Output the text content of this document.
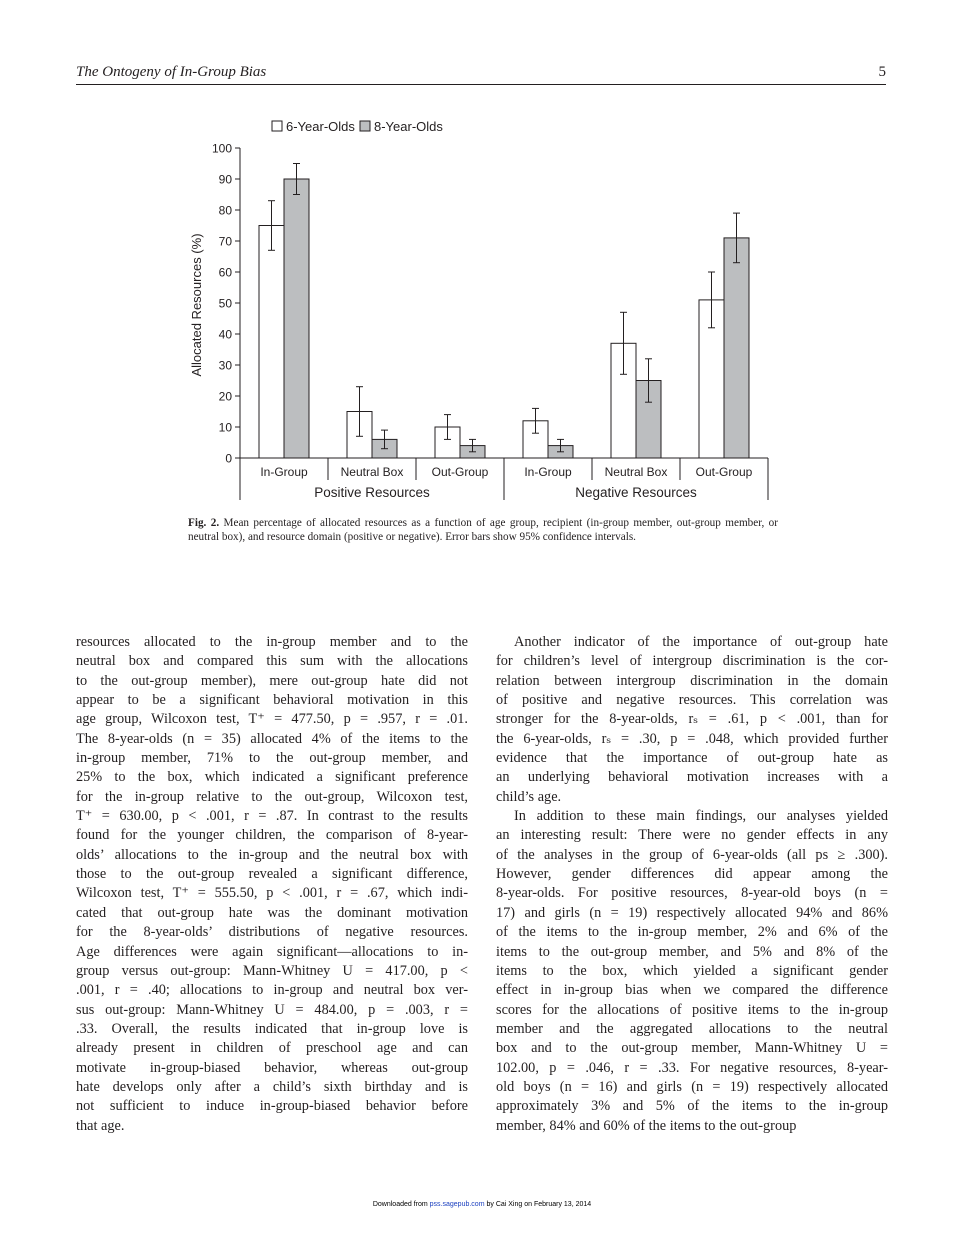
The Ontogeny of In-Group Bias	5
0
10
20
30
40
50
60
70
80
90
100
Allocated Resources (%)
In-Group	Neutral Box Out-Group	In-Group	Neutral Box Out-Group
Positive Resources	Negative Resources
6-Year-Olds 8-Year-Olds
Fig. 2. Mean percentage of allocated resources as a function of age group, recipient (in-group member, out-group member, or neutral box), and resource domain (positive or negative). Error bars show 95% confidence intervals.
resources allocated to the in-group member and to the
neutral box and compared this sum with the allocations
to the out-group member), mere out-group hate did not
appear to be a significant behavioral motivation in this
age group, Wilcoxon test, T⁺ = 477.50, p = .957, r = .01.
The 8-year-olds (n = 35) allocated 4% of the items to the
in-group member, 71% to the out-group member, and
25% to the box, which indicated a significant preference
for the in-group relative to the out-group, Wilcoxon test,
T⁺ = 630.00, p < .001, r = .87. In contrast to the results
found for the younger children, the comparison of 8-year-
olds’ allocations to the in-group and the neutral box with
those to the out-group revealed a significant difference,
Wilcoxon test, T⁺ = 555.50, p < .001, r = .67, which indi-
cated that out-group hate was the dominant motivation
for the 8-year-olds’ distributions of negative resources.
Age differences were again significant—allocations to in-
group versus out-group: Mann-Whitney U = 417.00, p <
.001, r = .40; allocations to in-group and neutral box ver-
sus out-group: Mann-Whitney U = 484.00, p = .003, r =
.33. Overall, the results indicated that in-group love is
already present in children of preschool age and can
motivate in-group-biased behavior, whereas out-group
hate develops only after a child’s sixth birthday and is
not sufficient to induce in-group-biased behavior before
that age.
Another indicator of the importance of out-group hate
for children’s level of intergroup discrimination is the cor-
relation between intergroup discrimination in the domain
of positive and negative resources. This correlation was
stronger for the 8-year-olds, rₛ = .61, p < .001, than for
the 6-year-olds, rₛ = .30, p = .048, which provided further
evidence that the importance of out-group hate as
an underlying behavioral motivation increases with a
child’s age.
In addition to these main findings, our analyses yielded
an interesting result: There were no gender effects in any
of the analyses in the group of 6-year-olds (all ps ≥ .300).
However, gender differences did appear among the
8-year-olds. For positive resources, 8-year-old boys (n =
17) and girls (n = 19) respectively allocated 94% and 86%
of the items to the in-group member, 2% and 6% of the
items to the out-group member, and 5% and 8% of the
items to the box, which yielded a significant gender
effect in in-group bias when we compared the difference
scores for the allocations of positive items to the in-group
member and the aggregated allocations to the neutral
box and to the out-group member, Mann-Whitney U =
102.00, p = .046, r = .33. For negative resources, 8-year-
old boys (n = 16) and girls (n = 19) respectively allocated
approximately 3% and 5% of the items to the in-group
member, 84% and 60% of the items to the out-group
Downloaded from pss.sagepub.com by Cai Xing on February 13, 2014
